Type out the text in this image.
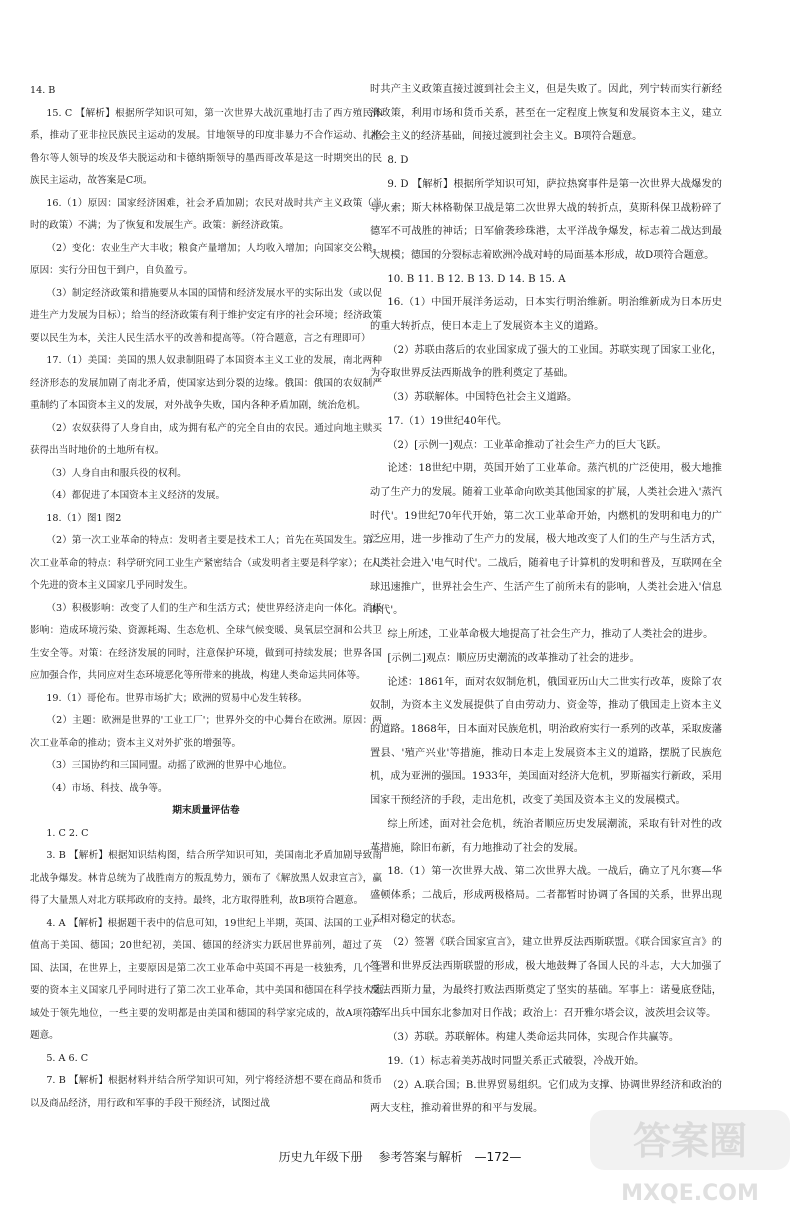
14. B

15. C 【解析】根据所学知识可知，第一次世界大战沉重地打击了西方殖民体系，推动了亚非拉民族民主运动的发展。甘地领导的印度非暴力不合作运动、扎格鲁尔等人领导的埃及华夫脱运动和卡德纳斯领导的墨西哥改革是这一时期突出的民族民主运动，故答案是C项。

16.（1）原因：国家经济困难，社会矛盾加剧；农民对战时共产主义政策（当时的政策）不满；为了恢复和发展生产。政策：新经济政策。

（2）变化：农业生产大丰收；粮食产量增加；人均收入增加；向国家交公粮。原因：实行分田包干到户，自负盈亏。

（3）制定经济政策和措施要从本国的国情和经济发展水平的实际出发（或以促进生产力发展为目标）；给当的经济政策有利于维护安定有序的社会环境；经济政策要以民生为本，关注人民生活水平的改善和提高等。（符合题意，言之有理即可）

17.（1）美国：美国的黑人奴隶制阻碍了本国资本主义工业的发展，南北两种经济形态的发展加剧了南北矛盾，使国家达到分裂的边缘。俄国：俄国的农奴制严重制约了本国资本主义的发展，对外战争失败，国内各种矛盾加剧，统治危机。

（2）农奴获得了人身自由，成为拥有私产的完全自由的农民。通过向地主赎买获得出当时地价的土地所有权。

（3）人身自由和服兵役的权利。

（4）都促进了本国资本主义经济的发展。

18.（1）图1 图2

（2）第一次工业革命的特点：发明者主要是技术工人；首先在英国发生。第二次工业革命的特点：科学研究同工业生产紧密结合（或发明者主要是科学家）；在几个先进的资本主义国家几乎同时发生。

（3）积极影响：改变了人们的生产和生活方式；使世界经济走向一体化。消极影响：造成环境污染、资源耗竭、生态危机、全球气候变暖、臭氧层空洞和公共卫生安全等。对策：在经济发展的同时，注意保护环境，做到可持续发展；世界各国应加强合作，共同应对生态环境恶化等所带来的挑战，构建人类命运共同体等。

19.（1）哥伦布。世界市场扩大；欧洲的贸易中心发生转移。

（2）主题：欧洲是世界的'工业工厂'；世界外交的中心舞台在欧洲。原因：两次工业革命的推动；资本主义对外扩张的增强等。

（3）三国协约和三国同盟。动摇了欧洲的世界中心地位。

（4）市场、科技、战争等。

期末质量评估卷

1. C 2. C

3. B 【解析】根据知识结构图，结合所学知识可知，美国南北矛盾加剧导致南北战争爆发。林肯总统为了战胜南方的叛乱势力，颁布了《解放黑人奴隶宣言》，赢得了大量黑人对北方联邦政府的支持。最终，北方取得胜利，故B项符合题意。

4. A 【解析】根据题干表中的信息可知，19世纪上半期，英国、法国的工业产值高于美国、德国；20世纪初，美国、德国的经济实力跃居世界前列，超过了英国、法国，在世界上，主要原因是第二次工业革命中英国不再是一枝独秀，几个主要的资本主义国家几乎同时进行了第二次工业革命，其中美国和德国在科学技术领域处于领先地位，一些主要的发明都是由美国和德国的科学家完成的，故A项符合题意。

5. A 6. C

7. B 【解析】根据材料并结合所学知识可知，列宁将经济想不要在商品和货币以及商品经济，用行政和军事的手段干预经济，试图过战

时共产主义政策直接过渡到社会主义，但是失败了。因此，列宁转而实行新经济政策，利用市场和货币关系，甚至在一定程度上恢复和发展资本主义，建立社会主义的经济基础，间接过渡到社会主义。B项符合题意。

8. D

9. D 【解析】根据所学知识可知，萨拉热窝事件是第一次世界大战爆发的导火索；斯大林格勒保卫战是第二次世界大战的转折点，莫斯科保卫战粉碎了德军不可战胜的神话；日军偷袭珍珠港，太平洋战争爆发，标志着二战达到最大规模；德国的分裂标志着欧洲冷战对峙的局面基本形成，故D项符合题意。

10. B 11. B 12. B 13. D 14. B 15. A

16.（1）中国开展洋务运动，日本实行明治维新。明治维新成为日本历史的重大转折点，使日本走上了发展资本主义的道路。

（2）苏联由落后的农业国家成了强大的工业国。苏联实现了国家工业化，为夺取世界反法西斯战争的胜利奠定了基础。

（3）苏联解体。中国特色社会主义道路。

17.（1）19世纪40年代。

（2）[示例一]观点：工业革命推动了社会生产力的巨大飞跃。

论述：18世纪中期，英国开始了工业革命。蒸汽机的广泛使用，极大地推动了生产力的发展。随着工业革命向欧美其他国家的扩展，人类社会进入'蒸汽时代'。19世纪70年代开始，第二次工业革命开始，内燃机的发明和电力的广泛应用，进一步推动了生产力的发展，极大地改变了人们的生产与生活方式，人类社会进入'电气时代'。二战后，随着电子计算机的发明和普及，互联网在全球迅速推广，世界社会生产、生活产生了前所未有的影响，人类社会进入'信息时代'。

综上所述，工业革命极大地提高了社会生产力，推动了人类社会的进步。

[示例二]观点：顺应历史潮流的改革推动了社会的进步。

论述：1861年，面对农奴制危机，俄国亚历山大二世实行改革，废除了农奴制，为资本主义发展提供了自由劳动力、资金等，推动了俄国走上资本主义的道路。1868年，日本面对民族危机，明治政府实行一系列的改革，采取废藩置县、'殖产兴业'等措施，推动日本走上发展资本主义的道路，摆脱了民族危机，成为亚洲的强国。1933年，美国面对经济大危机，罗斯福实行新政，采用国家干预经济的手段，走出危机，改变了美国及资本主义的发展模式。

综上所述，面对社会危机，统治者顺应历史发展潮流，采取有针对性的改革措施，除旧布新，有力地推动了社会的发展。

18.（1）第一次世界大战、第二次世界大战。一战后，确立了凡尔赛—华盛顿体系；二战后，形成两极格局。二者都暂时协调了各国的关系，世界出现了相对稳定的状态。

（2）签署《联合国家宣言》，建立世界反法西斯联盟。《联合国家宣言》的签署和世界反法西斯联盟的形成，极大地鼓舞了各国人民的斗志，大大加强了反法西斯力量，为最终打败法西斯奠定了坚实的基础。军事上：诺曼底登陆，苏军出兵中国东北参加对日作战；政治上：召开雅尔塔会议，波茨坦会议等。

（3）苏联。苏联解体。构建人类命运共同体，实现合作共赢等。

19.（1）标志着美苏战时同盟关系正式破裂，冷战开始。

（2）A.联合国；B.世界贸易组织。它们成为支撑、协调世界经济和政治的两大支柱，推动着世界的和平与发展。

历史九年级下册 参考答案与解析 —172—	答案圈
MXQE.COM
